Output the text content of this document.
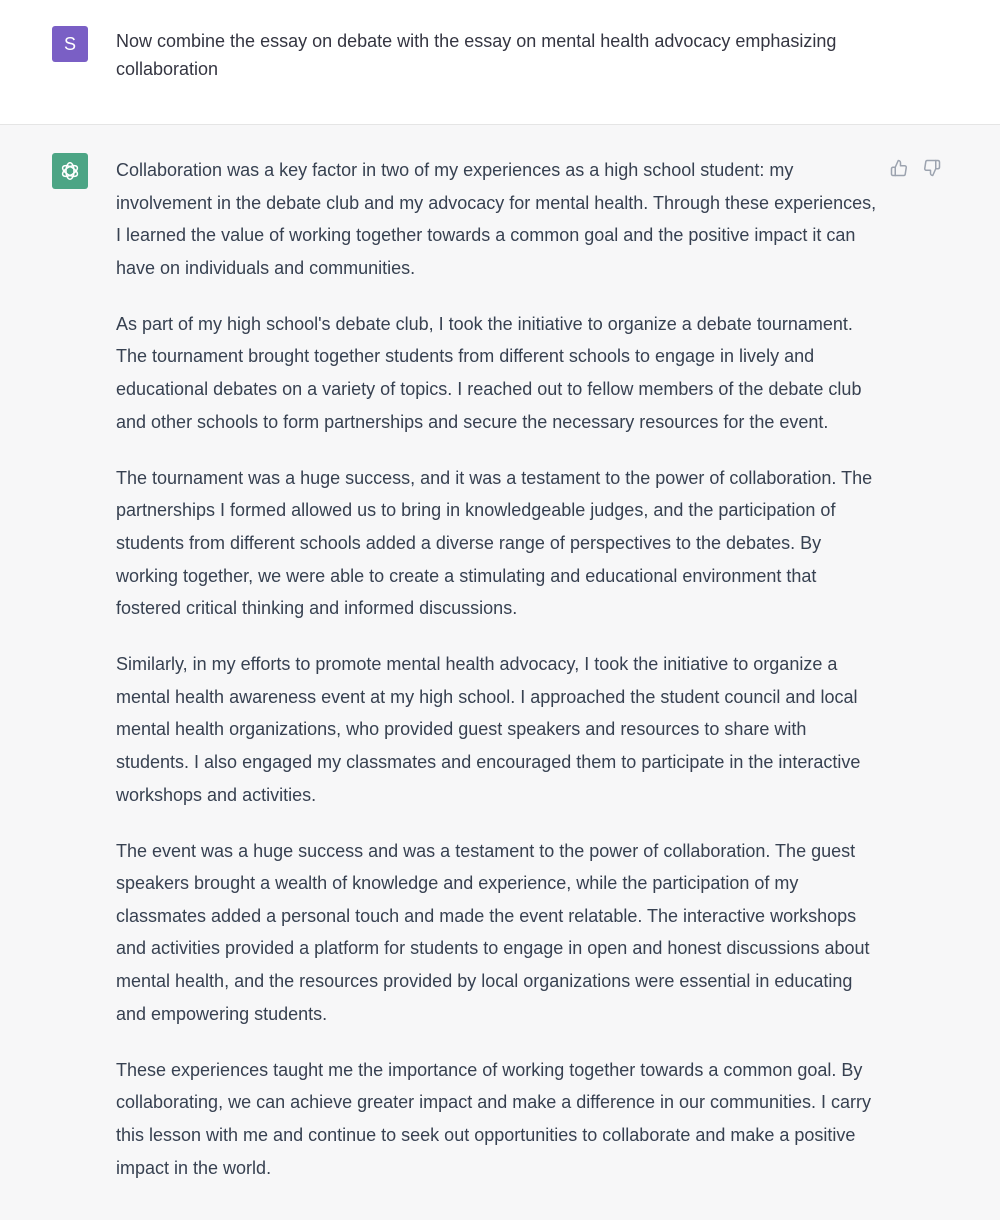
S Now combine the essay on debate with the essay on mental health advocacy emphasizing collaboration

Collaboration was a key factor in two of my experiences as a high school student: my involvement in the debate club and my advocacy for mental health. Through these experiences, I learned the value of working together towards a common goal and the positive impact it can have on individuals and communities.

As part of my high school's debate club, I took the initiative to organize a debate tournament. The tournament brought together students from different schools to engage in lively and educational debates on a variety of topics. I reached out to fellow members of the debate club and other schools to form partnerships and secure the necessary resources for the event.

The tournament was a huge success, and it was a testament to the power of collaboration. The partnerships I formed allowed us to bring in knowledgeable judges, and the participation of students from different schools added a diverse range of perspectives to the debates. By working together, we were able to create a stimulating and educational environment that fostered critical thinking and informed discussions.

Similarly, in my efforts to promote mental health advocacy, I took the initiative to organize a mental health awareness event at my high school. I approached the student council and local mental health organizations, who provided guest speakers and resources to share with students. I also engaged my classmates and encouraged them to participate in the interactive workshops and activities.

The event was a huge success and was a testament to the power of collaboration. The guest speakers brought a wealth of knowledge and experience, while the participation of my classmates added a personal touch and made the event relatable. The interactive workshops and activities provided a platform for students to engage in open and honest discussions about mental health, and the resources provided by local organizations were essential in educating and empowering students.

These experiences taught me the importance of working together towards a common goal. By collaborating, we can achieve greater impact and make a difference in our communities. I carry this lesson with me and continue to seek out opportunities to collaborate and make a positive impact in the world.
